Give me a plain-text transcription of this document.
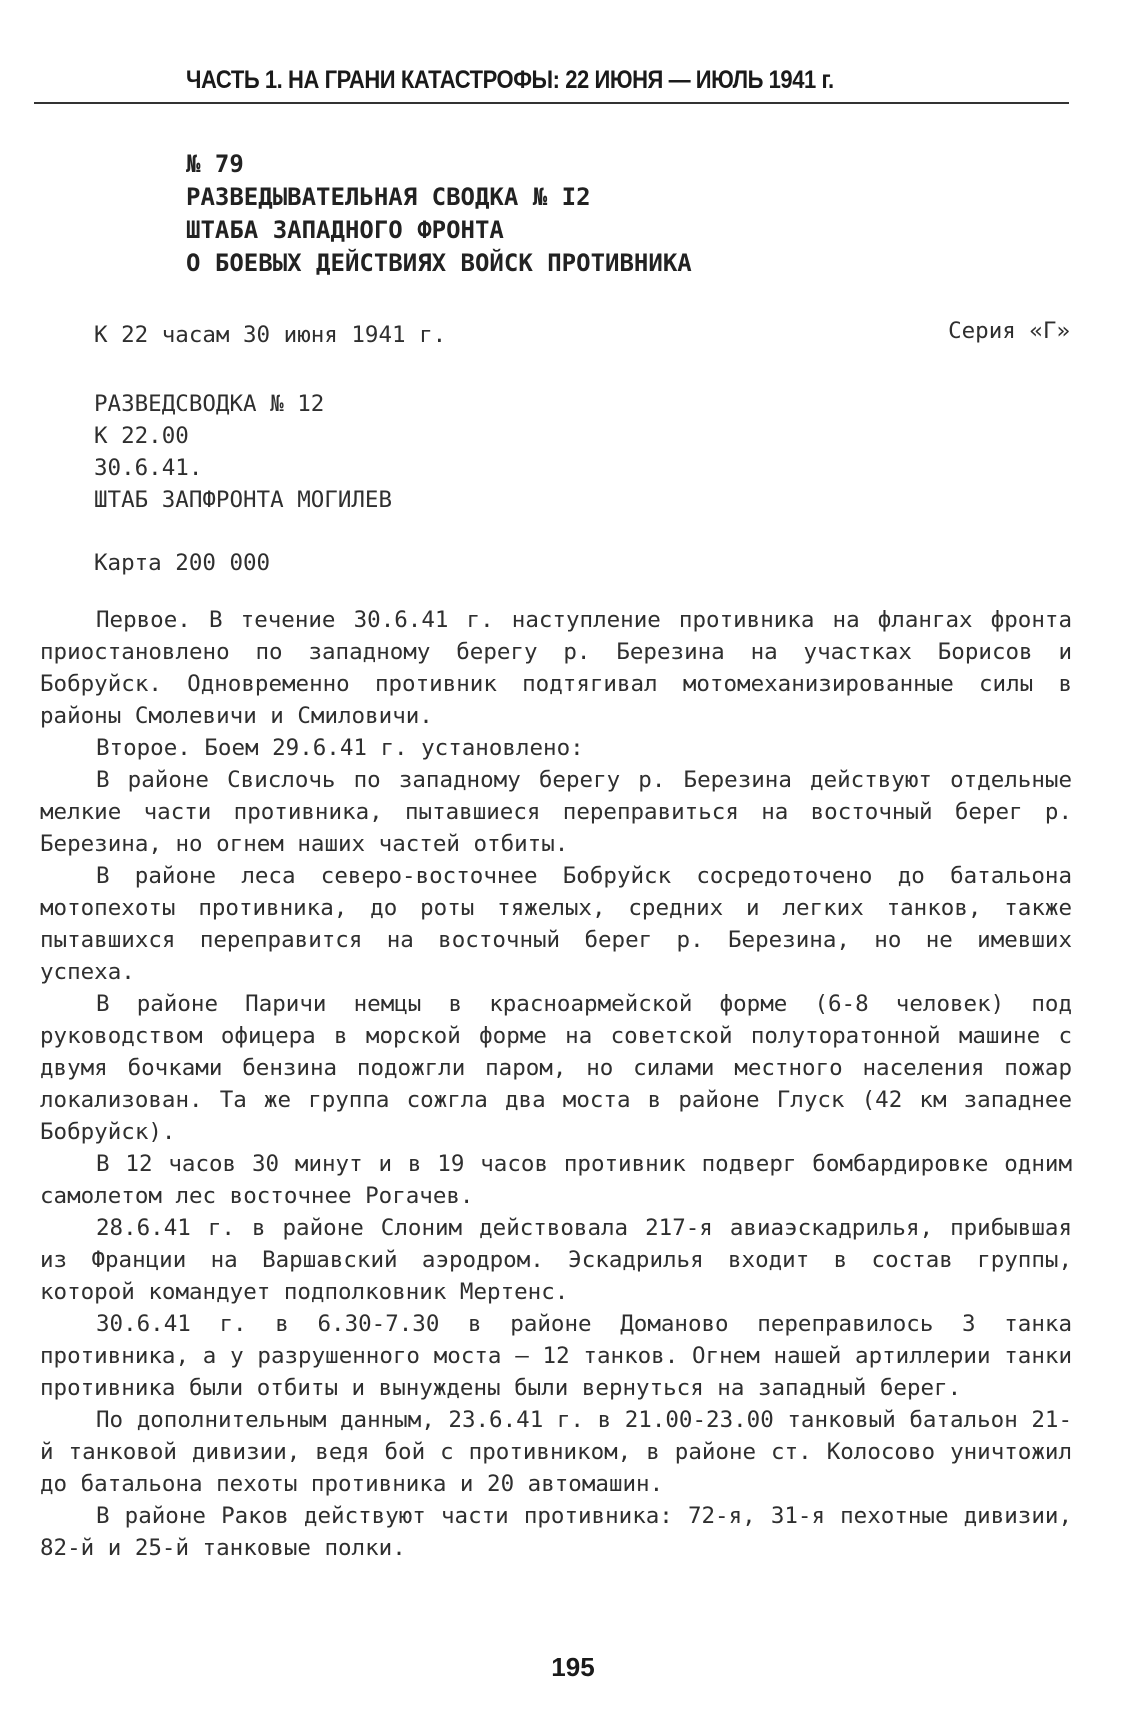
ЧАСТЬ 1. НА ГРАНИ КАТАСТРОФЫ: 22 ИЮНЯ — ИЮЛЬ 1941 г.
№ 79
РАЗВЕДЫВАТЕЛЬНАЯ СВОДКА № I2
ШТАБА ЗАПАДНОГО ФРОНТА
О БОЕВЫХ ДЕЙСТВИЯХ ВОЙСК ПРОТИВНИКА
К 22 часам 30 июня 1941 г.	Серия «Г»
РАЗВЕДСВОДКА № 12
К 22.00
30.6.41.
ШТАБ ЗАПФРОНТА МОГИЛЕВ
Карта 200 000

Первое. В течение 30.6.41 г. наступление противника на флангах фронта приостановлено по западному берегу р. Березина на участках Борисов и Бобруйск. Одновременно противник подтягивал мотомеханизированные силы в районы Смолевичи и Смиловичи.

Второе. Боем 29.6.41 г. установлено:

В районе Свислочь по западному берегу р. Березина действуют отдельные мелкие части противника, пытавшиеся переправиться на восточный берег р. Березина, но огнем наших частей отбиты.

В районе леса северо-восточнее Бобруйск сосредоточено до батальона мотопехоты противника, до роты тяжелых, средних и легких танков, также пытавшихся переправится на восточный берег р. Березина, но не имевших успеха.

В районе Паричи немцы в красноармейской форме (6-8 человек) под руководством офицера в морской форме на советской полуторатонной машине с двумя бочками бензина подожгли паром, но силами местного населения пожар локализован. Та же группа сожгла два моста в районе Глуск (42 км западнее Бобруйск).

В 12 часов 30 минут и в 19 часов противник подверг бомбардировке одним самолетом лес восточнее Рогачев.

28.6.41 г. в районе Слоним действовала 217-я авиаэскадрилья, прибывшая из Франции на Варшавский аэродром. Эскадрилья входит в состав группы, которой командует подполковник Мертенс.

30.6.41 г. в 6.30-7.30 в районе Доманово переправилось 3 танка противника, а у разрушенного моста – 12 танков. Огнем нашей артиллерии танки противника были отбиты и вынуждены были вернуться на западный берег.

По дополнительным данным, 23.6.41 г. в 21.00-23.00 танковый батальон 21-й танковой дивизии, ведя бой с противником, в районе ст. Колосово уничтожил до батальона пехоты противника и 20 автомашин.

В районе Раков действуют части противника: 72-я, 31-я пехотные дивизии, 82-й и 25-й танковые полки.

195
